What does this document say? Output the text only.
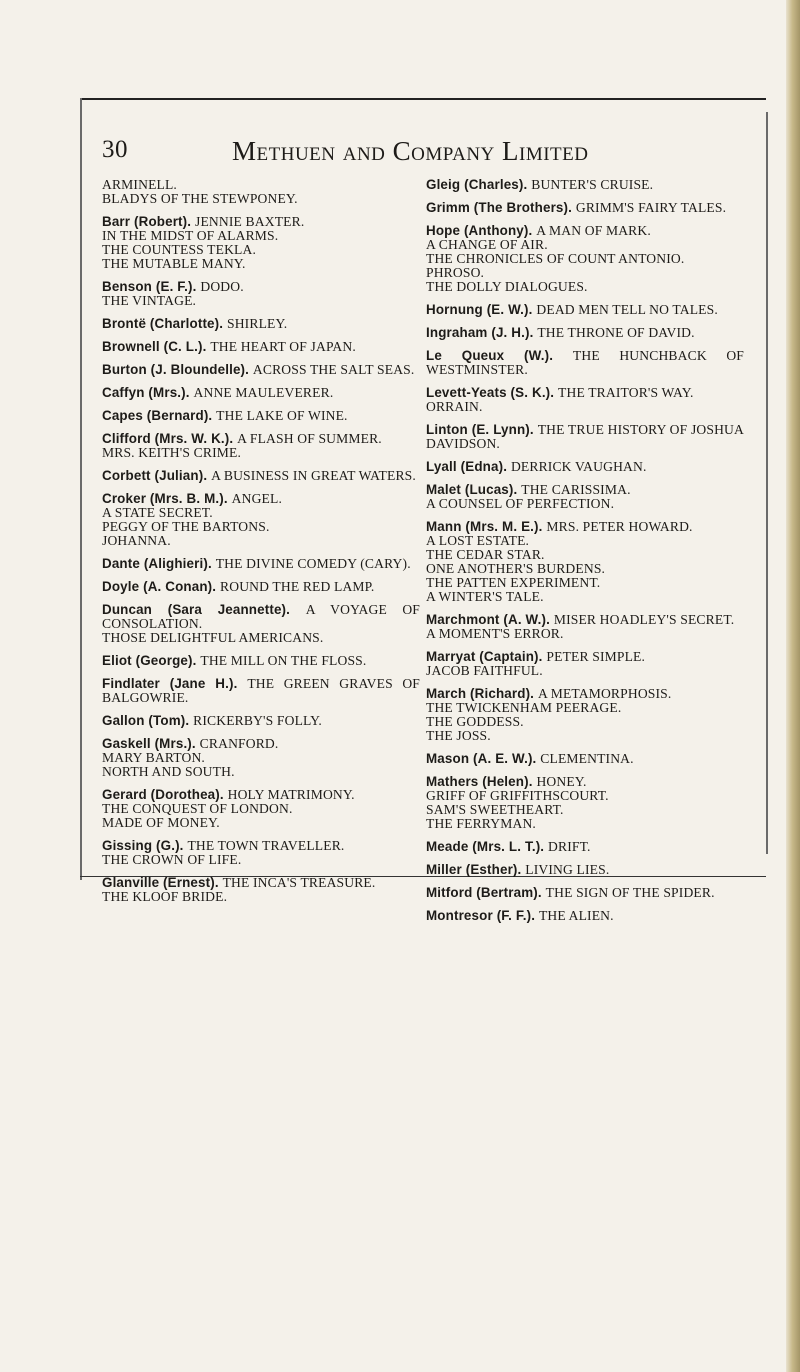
30	Methuen and Company Limited
ARMINELL.
BLADYS OF THE STEWPONEY.
Barr (Robert). JENNIE BAXTER.
IN THE MIDST OF ALARMS.
THE COUNTESS TEKLA.
THE MUTABLE MANY.
Benson (E. F.). DODO.
THE VINTAGE.
Brontë (Charlotte). SHIRLEY.
Brownell (C. L.). THE HEART OF JAPAN.
Burton (J. Bloundelle). ACROSS THE SALT SEAS.
Caffyn (Mrs.). ANNE MAULEVERER.
Capes (Bernard). THE LAKE OF WINE.
Clifford (Mrs. W. K.). A FLASH OF SUMMER.
MRS. KEITH'S CRIME.
Corbett (Julian). A BUSINESS IN GREAT WATERS.
Croker (Mrs. B. M.). ANGEL.
A STATE SECRET.
PEGGY OF THE BARTONS.
JOHANNA.
Dante (Alighieri). THE DIVINE COMEDY (CARY).
Doyle (A. Conan). ROUND THE RED LAMP.
Duncan (Sara Jeannette). A VOYAGE OF CONSOLATION.
THOSE DELIGHTFUL AMERICANS.
Eliot (George). THE MILL ON THE FLOSS.
Findlater (Jane H.). THE GREEN GRAVES OF BALGOWRIE.
Gallon (Tom). RICKERBY'S FOLLY.
Gaskell (Mrs.). CRANFORD.
MARY BARTON.
NORTH AND SOUTH.
Gerard (Dorothea). HOLY MATRIMONY.
THE CONQUEST OF LONDON.
MADE OF MONEY.
Gissing (G.). THE TOWN TRAVELLER.
THE CROWN OF LIFE.
Glanville (Ernest). THE INCA'S TREASURE.
THE KLOOF BRIDE.
Gleig (Charles). BUNTER'S CRUISE.
Grimm (The Brothers). GRIMM'S FAIRY TALES.
Hope (Anthony). A MAN OF MARK.
A CHANGE OF AIR.
THE CHRONICLES OF COUNT ANTONIO.
PHROSO.
THE DOLLY DIALOGUES.
Hornung (E. W.). DEAD MEN TELL NO TALES.
Ingraham (J. H.). THE THRONE OF DAVID.
Le Queux (W.). THE HUNCHBACK OF WESTMINSTER.
Levett-Yeats (S. K.). THE TRAITOR'S WAY.
ORRAIN.
Linton (E. Lynn). THE TRUE HISTORY OF JOSHUA DAVIDSON.
Lyall (Edna). DERRICK VAUGHAN.
Malet (Lucas). THE CARISSIMA.
A COUNSEL OF PERFECTION.
Mann (Mrs. M. E.). MRS. PETER HOWARD.
A LOST ESTATE.
THE CEDAR STAR.
ONE ANOTHER'S BURDENS.
THE PATTEN EXPERIMENT.
A WINTER'S TALE.
Marchmont (A. W.). MISER HOADLEY'S SECRET.
A MOMENT'S ERROR.
Marryat (Captain). PETER SIMPLE.
JACOB FAITHFUL.
March (Richard). A METAMORPHOSIS.
THE TWICKENHAM PEERAGE.
THE GODDESS.
THE JOSS.
Mason (A. E. W.). CLEMENTINA.
Mathers (Helen). HONEY.
GRIFF OF GRIFFITHSCOURT.
SAM'S SWEETHEART.
THE FERRYMAN.
Meade (Mrs. L. T.). DRIFT.
Miller (Esther). LIVING LIES.
Mitford (Bertram). THE SIGN OF THE SPIDER.
Montresor (F. F.). THE ALIEN.
